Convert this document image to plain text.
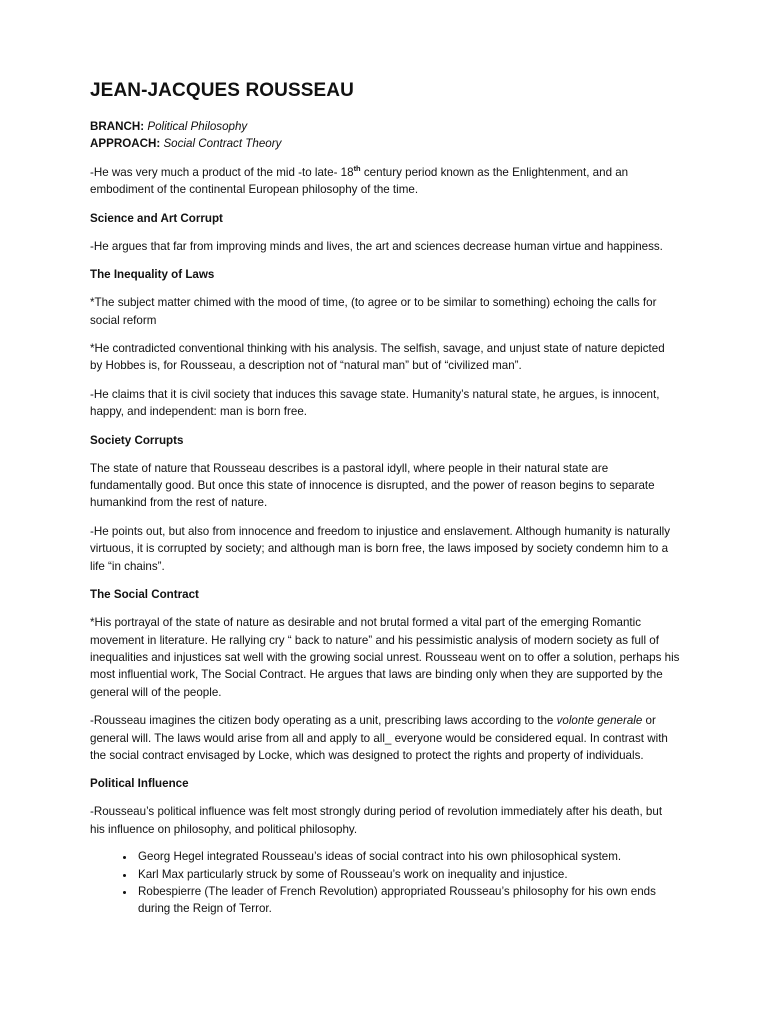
JEAN-JACQUES ROUSSEAU
BRANCH: Political Philosophy
APPROACH: Social Contract Theory

-He was very much a product of the mid -to late- 18th century period known as the Enlightenment, and an embodiment of the continental European philosophy of the time.

Science and Art Corrupt

-He argues that far from improving minds and lives, the art and sciences decrease human virtue and happiness.

The Inequality of Laws

*The subject matter chimed with the mood of time, (to agree or to be similar to something) echoing the calls for social reform

*He contradicted conventional thinking with his analysis. The selfish, savage, and unjust state of nature depicted by Hobbes is, for Rousseau, a description not of “natural man” but of “civilized man”.

-He claims that it is civil society that induces this savage state. Humanity’s natural state, he argues, is innocent, happy, and independent: man is born free.

Society Corrupts

The state of nature that Rousseau describes is a pastoral idyll, where people in their natural state are fundamentally good. But once this state of innocence is disrupted, and the power of reason begins to separate humankind from the rest of nature.

-He points out, but also from innocence and freedom to injustice and enslavement. Although humanity is naturally virtuous, it is corrupted by society; and although man is born free, the laws imposed by society condemn him to a life “in chains”.

The Social Contract

*His portrayal of the state of nature as desirable and not brutal formed a vital part of the emerging Romantic movement in literature. He rallying cry “ back to nature” and his pessimistic analysis of modern society as full of inequalities and injustices sat well with the growing social unrest. Rousseau went on to offer a solution, perhaps his most influential work, The Social Contract. He argues that laws are binding only when they are supported by the general will of the people.

-Rousseau imagines the citizen body operating as a unit, prescribing laws according to the volonte generale or general will. The laws would arise from all and apply to all_ everyone would be considered equal. In contrast with the social contract envisaged by Locke, which was designed to protect the rights and property of individuals.

Political Influence

-Rousseau’s political influence was felt most strongly during period of revolution immediately after his death, but his influence on philosophy, and political philosophy.

• Georg Hegel integrated Rousseau’s ideas of social contract into his own philosophical system.
• Karl Max particularly struck by some of Rousseau’s work on inequality and injustice.
• Robespierre (The leader of French Revolution) appropriated Rousseau’s philosophy for his own ends during the Reign of Terror.
